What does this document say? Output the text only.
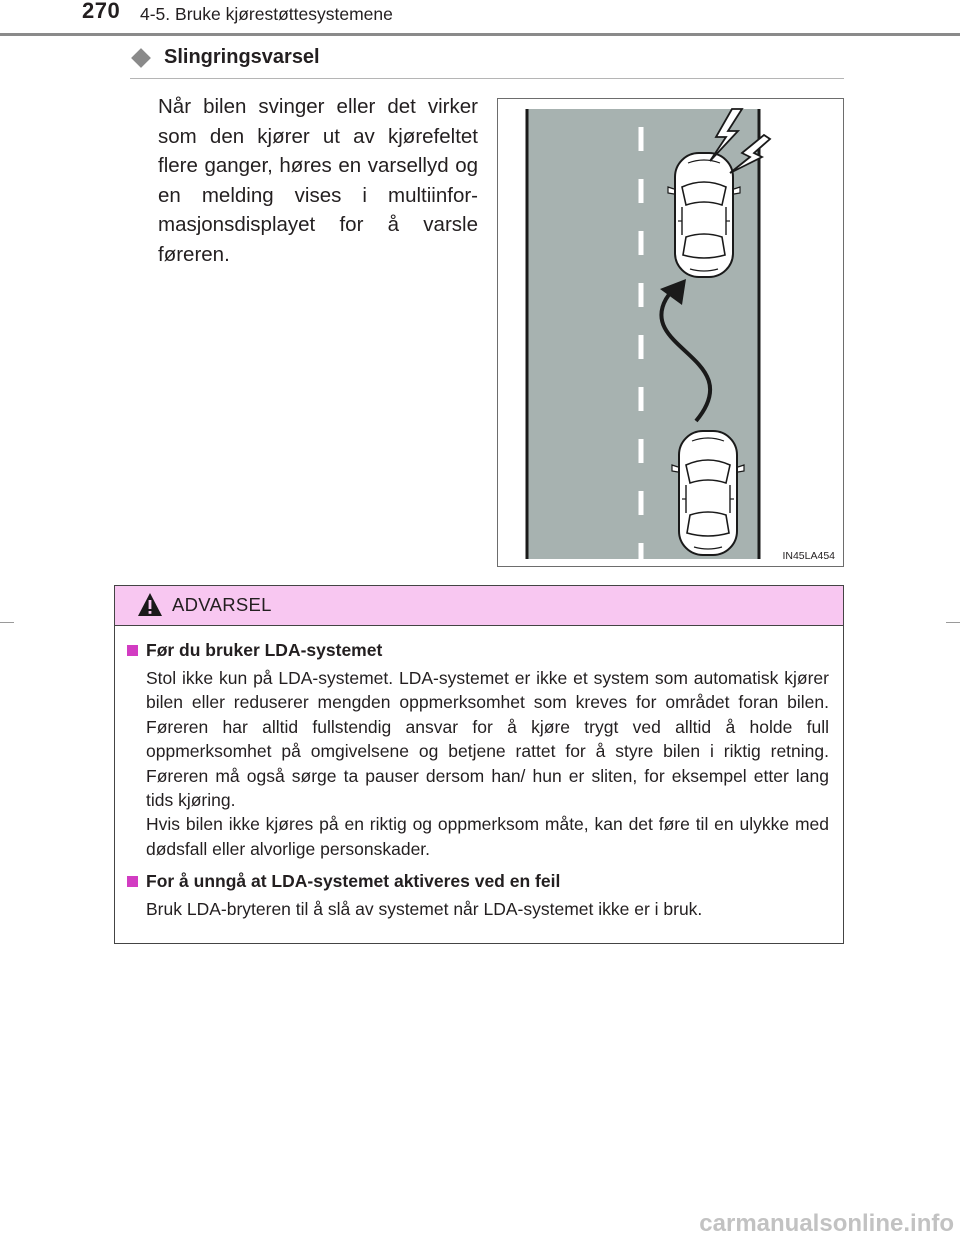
270 4-5. Bruke kjørestøttesystemene
Slingringsvarsel
Når bilen svinger eller det virker som den kjører ut av kjørefeltet flere ganger, høres en varsellyd og en melding vises i multiinformasjonsdisplayet for å varsle føreren.
IN45LA454
ADVARSEL
Før du bruker LDA-systemet

Stol ikke kun på LDA-systemet. LDA-systemet er ikke et system som automatisk kjører bilen eller reduserer mengden oppmerksomhet som kreves for området foran bilen. Føreren har alltid fullstendig ansvar for å kjøre trygt ved alltid å holde full oppmerksomhet på omgivelsene og betjene rattet for å styre bilen i riktig retning. Føreren må også sørge ta pauser dersom han/ hun er sliten, for eksempel etter lang tids kjøring.

Hvis bilen ikke kjøres på en riktig og oppmerksom måte, kan det føre til en ulykke med dødsfall eller alvorlige personskader.

For å unngå at LDA-systemet aktiveres ved en feil

Bruk LDA-bryteren til å slå av systemet når LDA-systemet ikke er i bruk.

carmanualsonline.info
